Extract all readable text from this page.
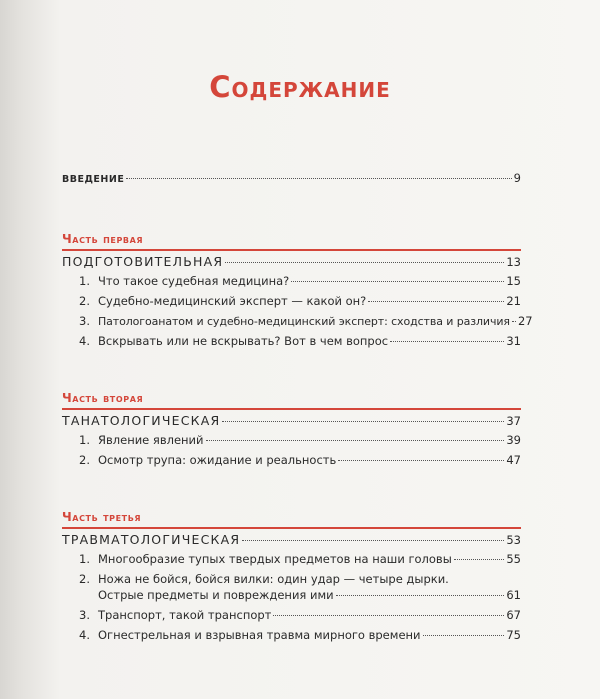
Содержание
ВВЕДЕНИЕ	9
Часть первая
ПОДГОТОВИТЕЛЬНАЯ	13
1. Что такое судебная медицина?	15
2. Судебно-медицинский эксперт — какой он?	21
3. Патологоанатом и судебно-медицинский эксперт: сходства и различия 27
4. Вскрывать или не вскрывать? Вот в чем вопрос	31
Часть вторая
ТАНАТОЛОГИЧЕСКАЯ	37
1. Явление явлений	39
2. Осмотр трупа: ожидание и реальность	47
Часть третья
ТРАВМАТОЛОГИЧЕСКАЯ	53
1. Многообразие тупых твердых предметов на наши головы	55
2. Ножа не бойся, бойся вилки: один удар — четыре дырки.
Острые предметы и повреждения ими	61
3. Транспорт, такой транспорт	67
4. Огнестрельная и взрывная травма мирного времени	75
